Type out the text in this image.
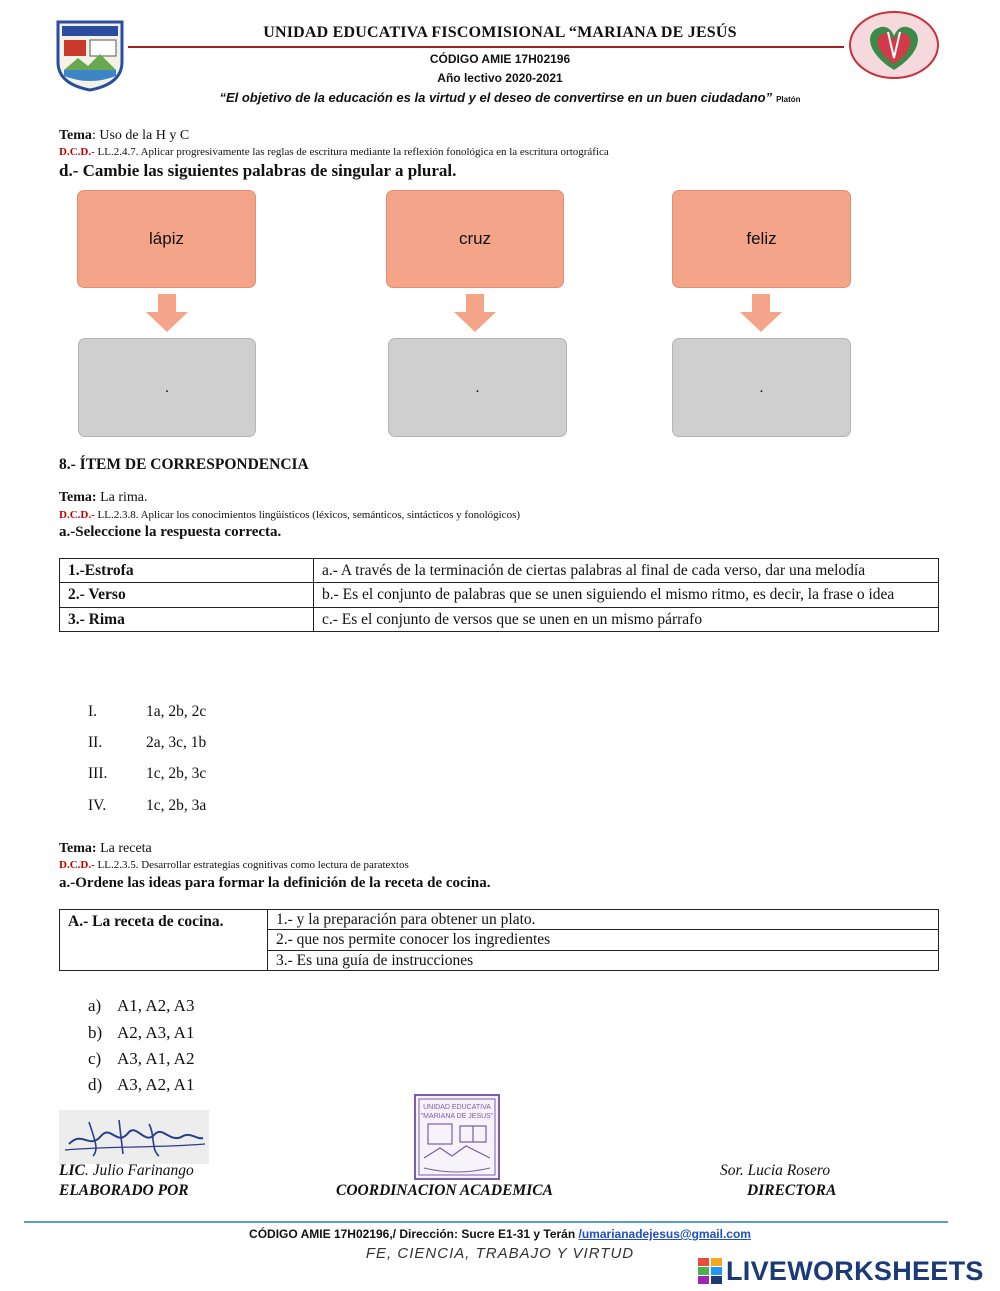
UNIDAD EDUCATIVA FISCOMISIONAL “MARIANA DE JESÚS
CÓDIGO AMIE 17H02196
Año lectivo 2020-2021
“El objetivo de la educación es la virtud y el deseo de convertirse en un buen ciudadano” Platón
Tema: Uso de la H y C
D.C.D.- LL.2.4.7. Aplicar progresivamente las reglas de escritura mediante la reflexión fonológica en la escritura ortográfica
d.- Cambie las siguientes palabras de singular a plural.
lápiz	cruz	feliz
.	.	.
8.- ÍTEM DE CORRESPONDENCIA
Tema: La rima.
D.C.D.- LL.2.3.8. Aplicar los conocimientos lingüísticos (léxicos, semánticos, sintácticos y fonológicos)
a.-Seleccione la respuesta correcta.
1.-Estrofa	a.- A través de la terminación de ciertas palabras al final de cada verso, dar una melodía
2.- Verso	b.- Es el conjunto de palabras que se unen siguiendo el mismo ritmo, es decir, la frase o idea
3.- Rima	c.- Es el conjunto de versos que se unen en un mismo párrafo
I.	1a, 2b, 2c
II.	2a, 3c, 1b
III. 1c, 2b, 3c
IV.	1c, 2b, 3a
Tema: La receta
D.C.D.- LL.2.3.5. Desarrollar estrategias cognitivas como lectura de paratextos
a.-Ordene las ideas para formar la definición de la receta de cocina.
A.- La receta de cocina.	1.- y la preparación para obtener un plato.
2.- que nos permite conocer los ingredientes
3.- Es una guía de instrucciones
a) A1, A2, A3
b) A2, A3, A1
c) A3, A1, A2
d) A3, A2, A1
UNIDAD EDUCATIVA
"MARIANA DE JESUS"
LIC. Julio Farinango	Sor. Lucia Rosero
ELABORADO POR	COORDINACION ACADEMICA	DIRECTORA
CÓDIGO AMIE 17H02196,/ Dirección: Sucre E1-31 y Terán /umarianadejesus@gmail.com
FE, CIENCIA, TRABAJO Y VIRTUD
LIVEWORKSHEETS
